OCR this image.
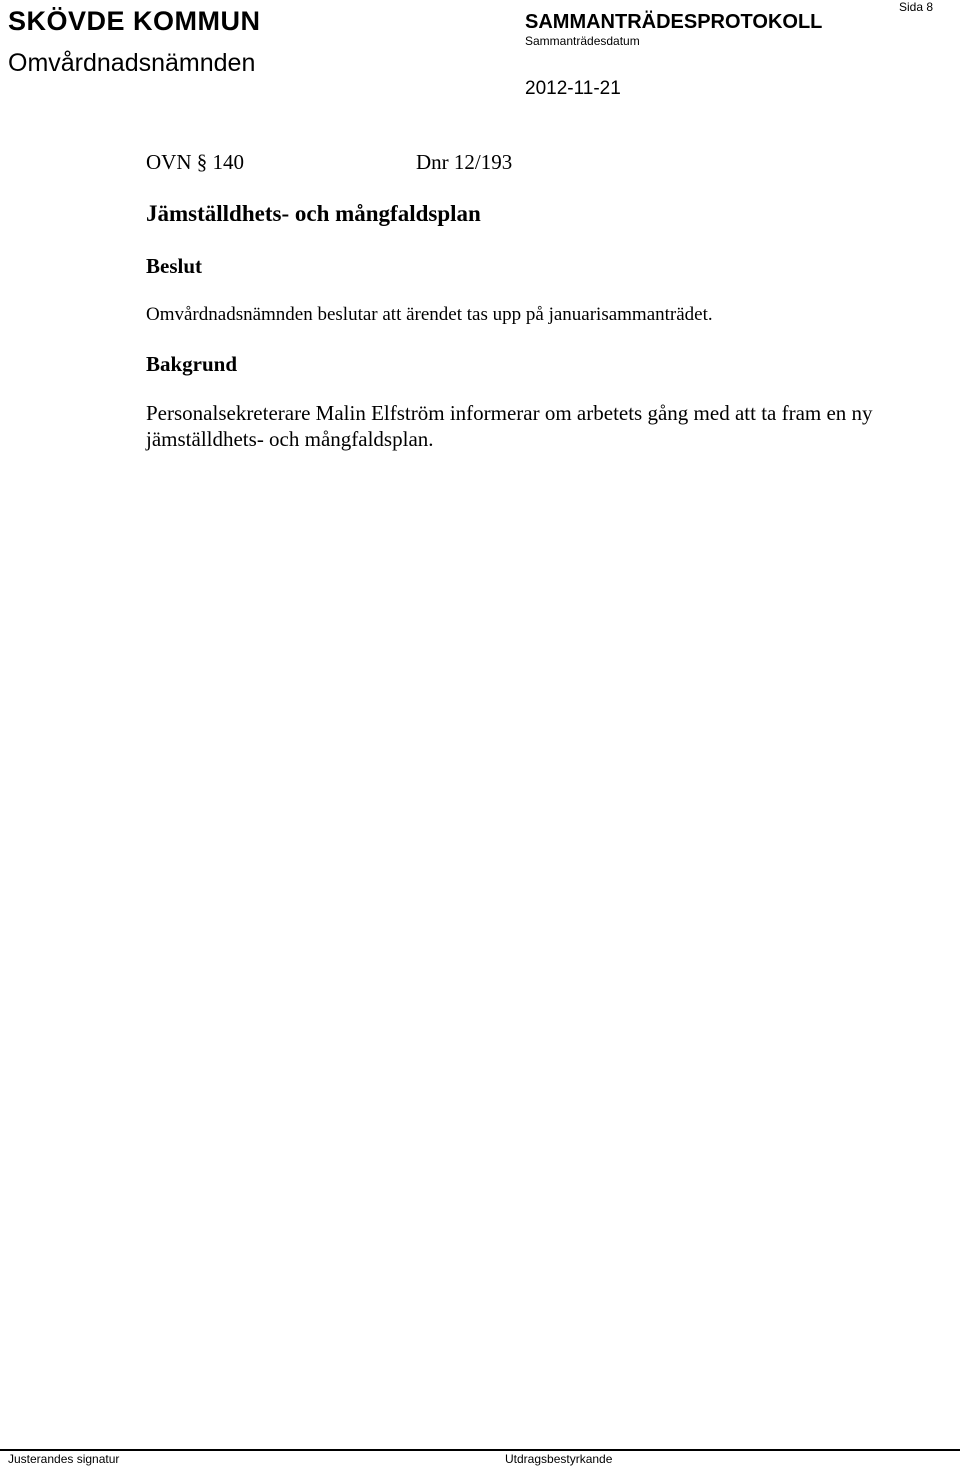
SKÖVDE KOMMUN
Omvårdnadsnämnden
SAMMANTRÄDESPROTOKOLL
Sammanträdesdatum
2012-11-21
Sida 8
OVN § 140	Dnr 12/193
Jämställdhets- och mångfaldsplan
Beslut
Omvårdnadsnämnden beslutar att ärendet tas upp på januarisammanträdet.
Bakgrund
Personalsekreterare Malin Elfström informerar om arbetets gång med att ta fram en ny jämställdhets- och mångfaldsplan.
Justerandes signatur	Utdragsbestyrkande
